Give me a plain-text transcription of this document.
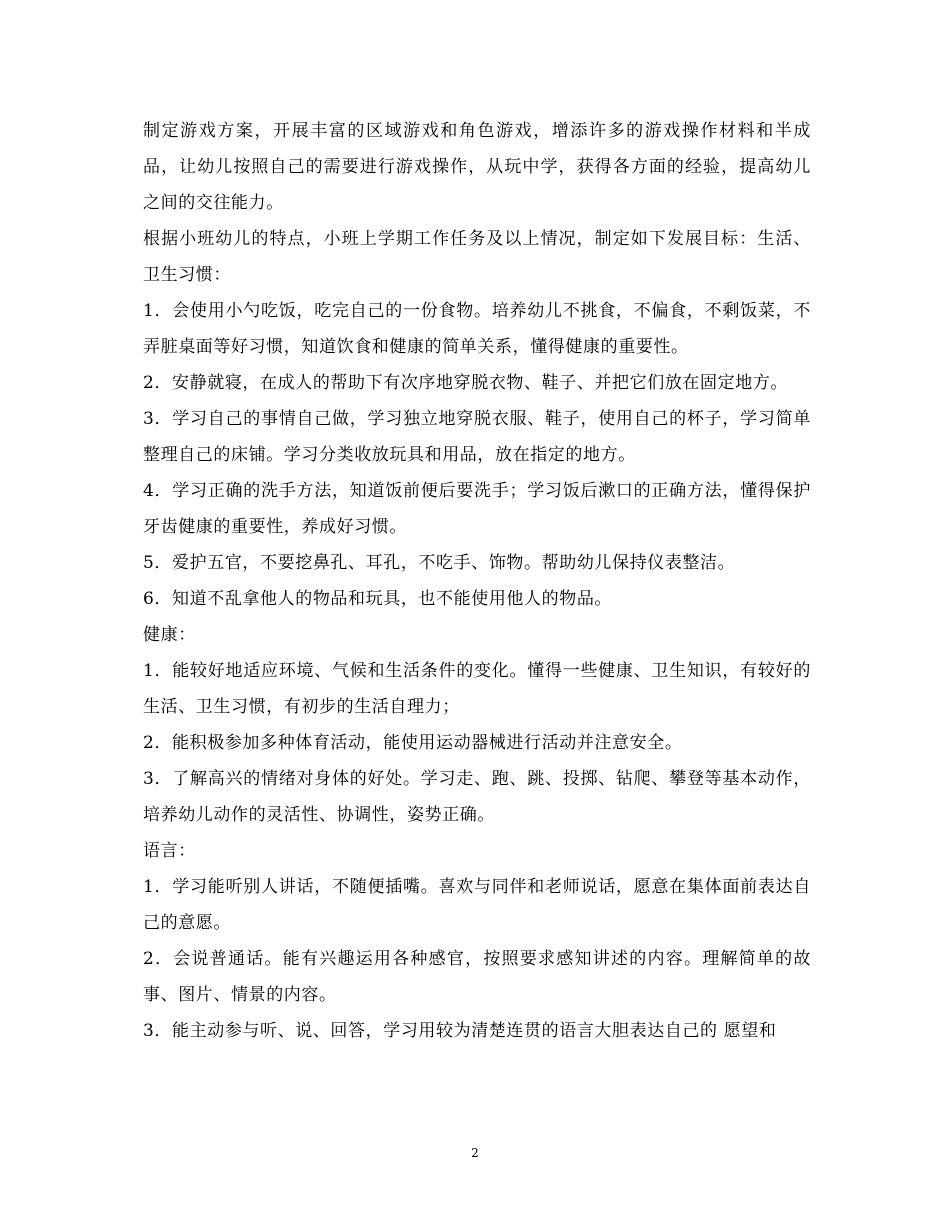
制定游戏方案，开展丰富的区域游戏和角色游戏，增添许多的游戏操作材料和半成品，让幼儿按照自己的需要进行游戏操作，从玩中学，获得各方面的经验，提高幼儿之间的交往能力。

根据小班幼儿的特点，小班上学期工作任务及以上情况，制定如下发展目标：生活、卫生习惯：

1．会使用小勺吃饭，吃完自己的一份食物。培养幼儿不挑食，不偏食，不剩饭菜，不弄脏桌面等好习惯，知道饮食和健康的简单关系，懂得健康的重要性。

2．安静就寝，在成人的帮助下有次序地穿脱衣物、鞋子、并把它们放在固定地方。

3．学习自己的事情自己做，学习独立地穿脱衣服、鞋子，使用自己的杯子，学习简单整理自己的床铺。学习分类收放玩具和用品，放在指定的地方。

4．学习正确的洗手方法，知道饭前便后要洗手；学习饭后漱口的正确方法，懂得保护牙齿健康的重要性，养成好习惯。

5．爱护五官，不要挖鼻孔、耳孔，不吃手、饰物。帮助幼儿保持仪表整洁。

6．知道不乱拿他人的物品和玩具，也不能使用他人的物品。

健康：

1．能较好地适应环境、气候和生活条件的变化。懂得一些健康、卫生知识，有较好的生活、卫生习惯，有初步的生活自理力；

2．能积极参加多种体育活动，能使用运动器械进行活动并注意安全。

3．了解高兴的情绪对身体的好处。学习走、跑、跳、投掷、钻爬、攀登等基本动作，培养幼儿动作的灵活性、协调性，姿势正确。

语言：

1．学习能听别人讲话，不随便插嘴。喜欢与同伴和老师说话，愿意在集体面前表达自己的意愿。

2．会说普通话。能有兴趣运用各种感官，按照要求感知讲述的内容。理解简单的故事、图片、情景的内容。

3．能主动参与听、说、回答，学习用较为清楚连贯的语言大胆表达自己的 愿望和

2
